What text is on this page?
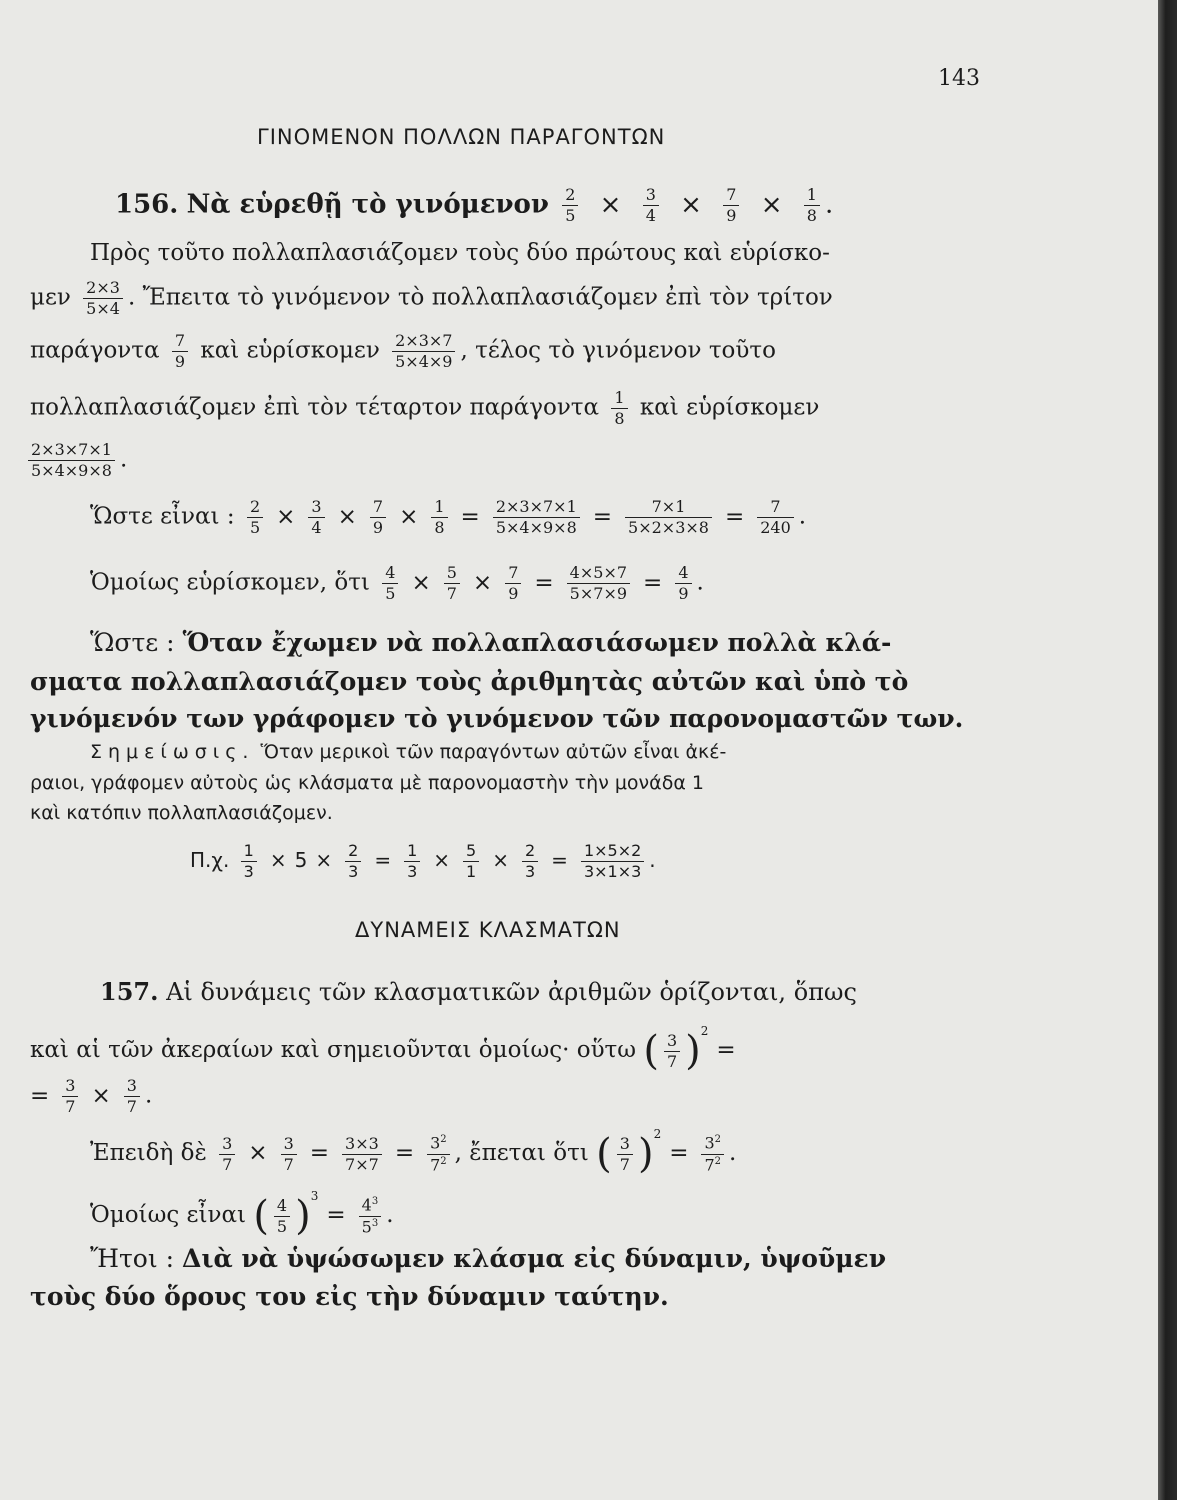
143
ΓΙΝΟΜΕΝΟΝ ΠΟΛΛΩΝ ΠΑΡΑΓΟΝΤΩΝ
156. Νὰ εὑρεθῇ τὸ γινόμενον $\frac{2}{5} \times \frac{3}{4} \times \frac{7}{9} \times \frac{1}{8}$ .
Πρὸς τοῦτο πολλαπλασιάζομεν τοὺς δύο πρώτους καὶ εὑρίσκο-
μεν $\frac{2\times 3}{5\times 4}$ . Ἔπειτα τὸ γινόμενον τὸ πολλαπλασιάζομεν ἐπὶ τὸν τρίτον
παράγοντα $\frac{7}{9}$ καὶ εὑρίσκομεν $\frac{2\times 3\times 7}{5\times 4\times 9}$ , τέλος τὸ γινόμενον τοῦτο
πολλαπλασιάζομεν ἐπὶ τὸν τέταρτον παράγοντα $\frac{1}{8}$ καὶ εὑρίσκομεν
$\frac{2\times 3\times 7\times 1}{5\times 4\times 9\times 8}$ .
Ὥστε εἶναι : $\frac{2}{5} \times \frac{3}{4} \times \frac{7}{9} \times \frac{1}{8} = \frac{2\times 3\times 7\times 1}{5\times 4\times 9\times 8} = \frac{7\times 1}{5\times 2\times 3\times 8} = \frac{7}{240}$ .
Ὁμοίως εὑρίσκομεν, ὅτι $\frac{4}{5} \times \frac{5}{7} \times \frac{7}{9} = \frac{4\times 5\times 7}{5\times 7\times 9} = \frac{4}{9}$ .
Ὥστε : Ὅταν ἔχωμεν νὰ πολλαπλασιάσωμεν πολλὰ κλά-
σματα πολλαπλασιάζομεν τοὺς ἀριθμητὰς αὐτῶν καὶ ὑπὸ τὸ
γινόμενόν των γράφομεν τὸ γινόμενον τῶν παρονομαστῶν των.
Σημείωσις. Ὅταν μερικοὶ τῶν παραγόντων αὐτῶν εἶναι ἀκέ-
ραιοι, γράφομεν αὐτοὺς ὡς κλάσματα μὲ παρονομαστὴν τὴν μονάδα 1
καὶ κατόπιν πολλαπλασιάζομεν.
Π.χ. $\frac{1}{3} \times 5 \times \frac{2}{3} = \frac{1}{3} \times \frac{5}{1} \times \frac{2}{3} = \frac{1\times 5\times 2}{3\times 1\times 3}$ .
ΔΥΝΑΜΕΙΣ ΚΛΑΣΜΑΤΩΝ
157. Αἱ δυνάμεις τῶν κλασματικῶν ἀριθμῶν ὁρίζονται, ὅπως
καὶ αἱ τῶν ἀκεραίων καὶ σημειοῦνται ὁμοίως· οὕτω ( $\frac{3}{7} )^2=$
= $\frac{3}{7} \times \frac{3}{7}$ .
Ἐπειδὴ δὲ $\frac{3}{7} \times \frac{3}{7} = \frac{3\times 3}{7\times 7} = \frac{3^2}{7^2}$ , ἔπεται ὅτι ( $\frac{3}{7} )^2= \frac{3^2}{7^2}$ .
Ὁμοίως εἶναι ( $\frac{4}{5} )^3= \frac{4^3}{5^3}$ .
Ἤτοι : Διὰ νὰ ὑψώσωμεν κλάσμα εἰς δύναμιν, ὑψοῦμεν
τοὺς δύο ὅρους του εἰς τὴν δύναμιν ταύτην.
